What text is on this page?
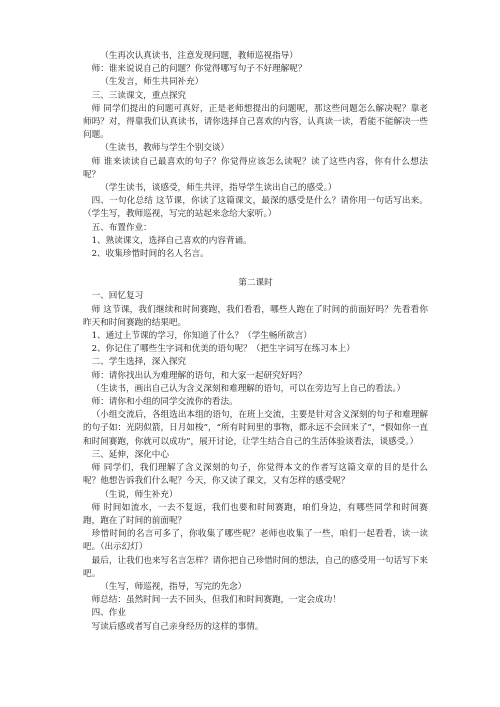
（生再次认真读书，注意发现问题，教师巡视指导）

师：谁来说说自己的问题？你觉得哪写句子不好理解呢？

（生发言，师生共同补充）

三、三读课文，重点探究

师 同学们提出的问题可真好，正是老师想提出的问题呢，那这些问题怎么解决呢？靠老师吗？对，得靠我们认真读书，请你选择自己喜欢的内容，认真读一读，看能不能解决一些问题。

（生读书，教师与学生个别交谈）

师 谁来读读自己最喜欢的句子？你觉得应该怎么读呢？读了这些内容，你有什么想法呢？

（学生读书，谈感受，师生共评，指导学生读出自己的感受。）

四、一句化总结 这节课，你读了这篇课文，最深的感受是什么？请你用一句话写出来。（学生写，教师巡视，写完的站起来念给大家听。）

五、布置作业：

1、熟读课文，选择自己喜欢的内容背诵。

2、收集珍惜时间的名人名言。

第二课时

一、回忆复习

师 这节课，我们继续和时间赛跑，我们看看，哪些人跑在了时间的前面好吗？先看看你昨天和时间赛跑的结果吧。

1、通过上节课的学习，你知道了什么？（学生畅所欲言）

2、你记住了哪些生字词和优美的语句呢？（把生字词写在练习本上）

二、学生选择，深入探究

师：请你找出认为难理解的语句，和大家一起研究好吗？

（生读书，画出自己认为含义深刻和难理解的语句，可以在旁边写上自己的看法。）

师：请你和小组的同学交流你的看法。

（小组交流后，各组选出本组的语句，在班上交流，主要是针对含义深刻的句子和难理解的句子如：光阴似箭，日月如梭”，“所有时间里的事物，都永远不会回来了”，“假如你一直和时间赛跑，你就可以成功”，展开讨论，让学生结合自己的生活体验谈看法，谈感受。）

三、延伸，深化中心

师 同学们，我们理解了含义深刻的句子，你觉得本文的作者写这篇文章的目的是什么呢？他想告诉我们什么呢？今天，你又读了课文，又有怎样的感受呢？

（生说，师生补充）

师 时间如流水，一去不复返，我们也要和时间赛跑，咱们身边，有哪些同学和时间赛跑，跑在了时间的前面呢？

珍惜时间的名言可多了，你收集了哪些呢？老师也收集了一些，咱们一起看看，读一读吧。（出示幻灯）

最后，让我们也来写名言怎样？请你把自己珍惜时间的想法，自己的感受用一句话写下来吧。

（生写，师巡视，指导，写完的先念）

师总结：虽然时间一去不回头，但我们和时间赛跑，一定会成功！

四、作业

写读后感或者写自己亲身经历的这样的事情。
